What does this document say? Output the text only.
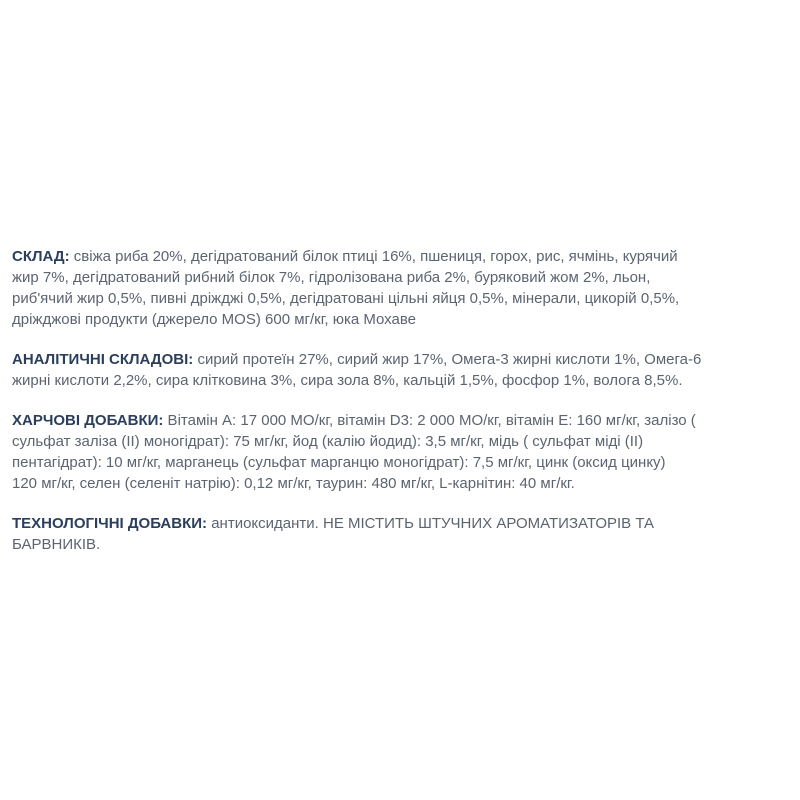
СКЛАД: свіжа риба 20%, дегідратований білок птиці 16%, пшениця, горох, рис, ячмінь, курячий
жир 7%, дегідратований рибний білок 7%, гідролізована риба 2%, буряковий жом 2%, льон,
риб'ячий жир 0,5%, пивні дріжджі 0,5%, дегідратовані цільні яйця 0,5%, мінерали, цикорій 0,5%,
дріжджові продукти (джерело MOS) 600 мг/кг, юка Мохаве

АНАЛІТИЧНІ СКЛАДОВІ: сирий протеїн 27%, сирий жир 17%, Омега-3 жирні кислоти 1%, Омега-6
жирні кислоти 2,2%, сира клітковина 3%, сира зола 8%, кальцій 1,5%, фосфор 1%, волога 8,5%.

ХАРЧОВІ ДОБАВКИ: Вітамін А: 17 000 МО/кг, вітамін D3: 2 000 МО/кг, вітамін Е: 160 мг/кг, залізо (
сульфат заліза (II) моногідрат): 75 мг/кг, йод (калію йодид): 3,5 мг/кг, мідь ( сульфат міді (II)
пентагідрат): 10 мг/кг, марганець (сульфат марганцю моногідрат): 7,5 мг/кг, цинк (оксид цинку)
120 мг/кг, селен (селеніт натрію): 0,12 мг/кг, таурин: 480 мг/кг, L-карнітин: 40 мг/кг.

ТЕХНОЛОГІЧНІ ДОБАВКИ: антиоксиданти. НЕ МІСТИТЬ ШТУЧНИХ АРОМАТИЗАТОРІВ ТА
БАРВНИКІВ.
